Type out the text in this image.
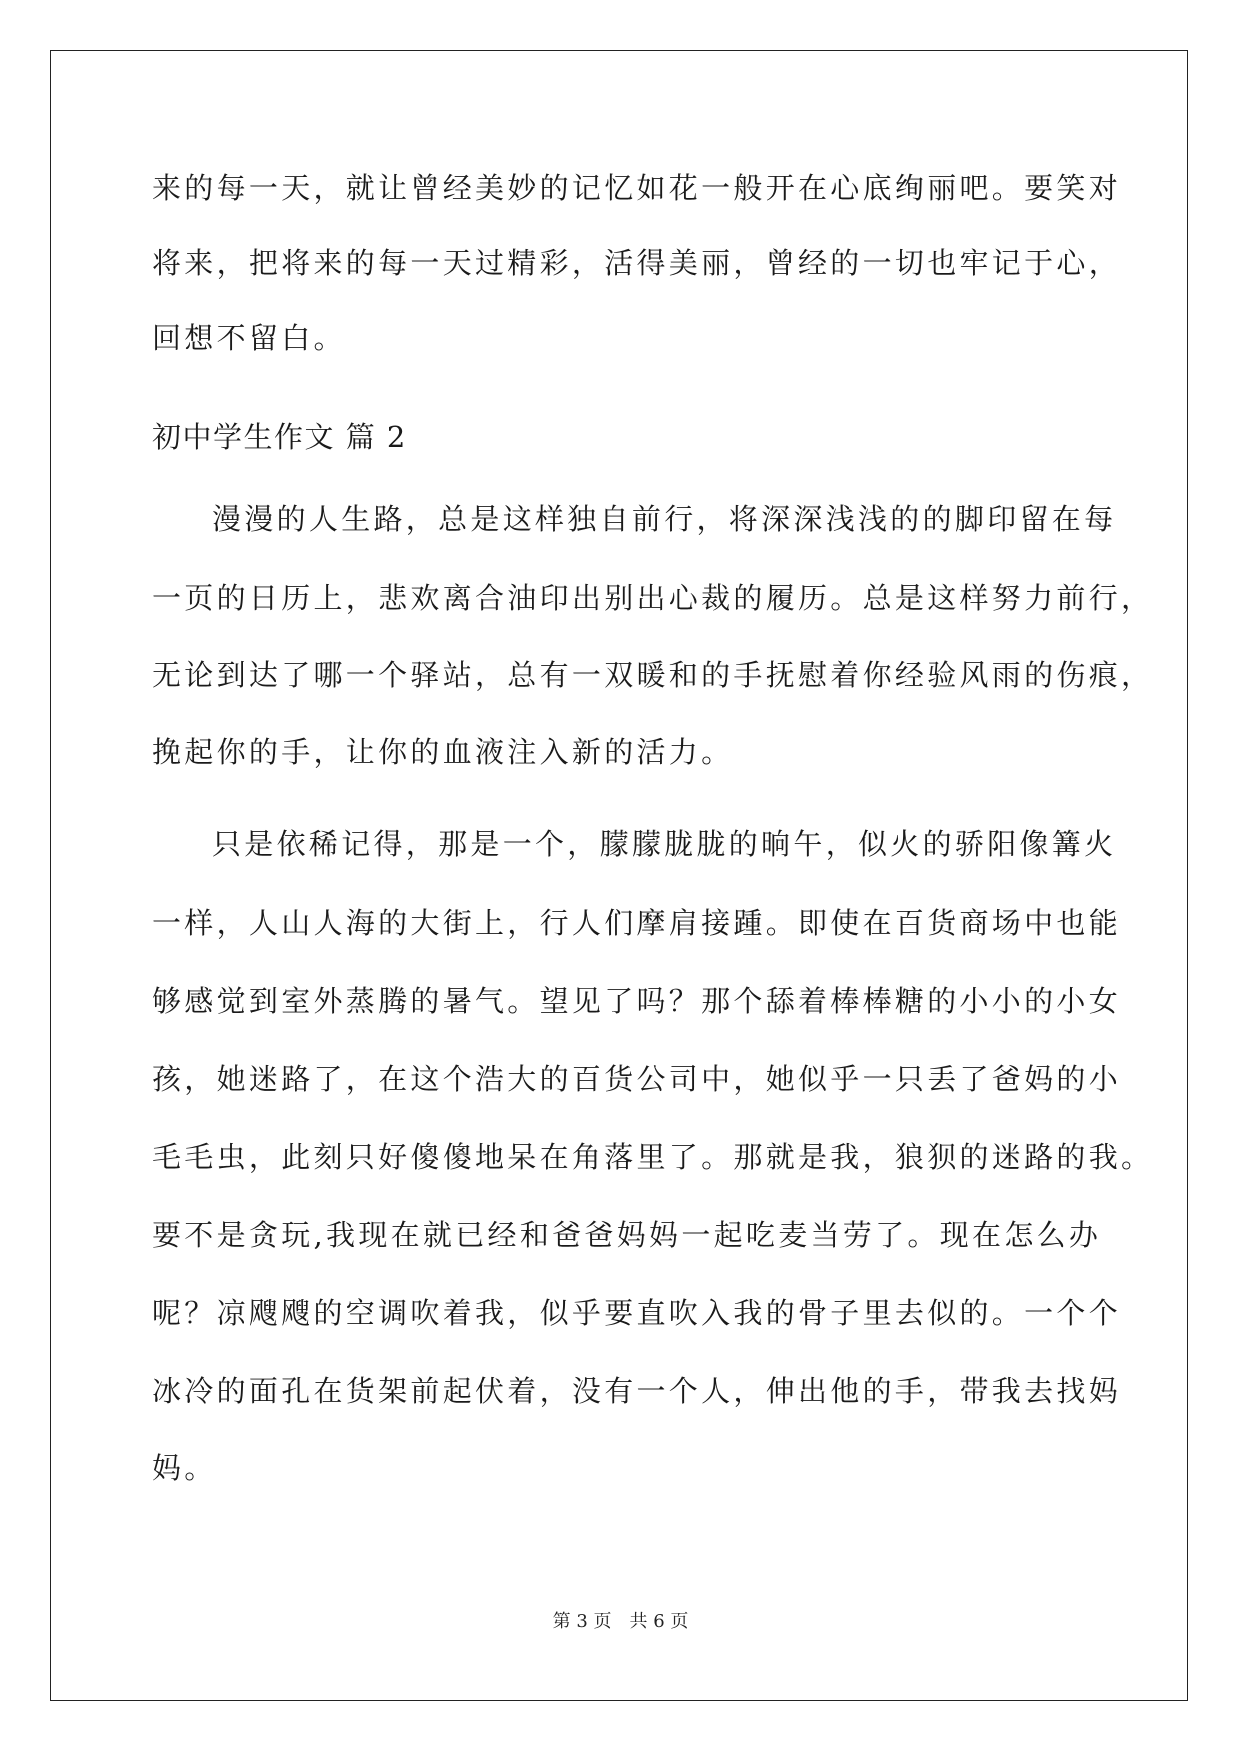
来的每一天，就让曾经美妙的记忆如花一般开在心底绚丽吧。要笑对

将来，把将来的每一天过精彩，活得美丽，曾经的一切也牢记于心，

回想不留白。

初中学生作文 篇 2

漫漫的人生路，总是这样独自前行，将深深浅浅的的脚印留在每

一页的日历上，悲欢离合油印出别出心裁的履历。总是这样努力前行，

无论到达了哪一个驿站，总有一双暖和的手抚慰着你经验风雨的伤痕，

挽起你的手，让你的血液注入新的活力。

只是依稀记得，那是一个，朦朦胧胧的晌午，似火的骄阳像篝火

一样，人山人海的大街上，行人们摩肩接踵。即使在百货商场中也能

够感觉到室外蒸腾的暑气。望见了吗？那个舔着棒棒糖的小小的小女

孩，她迷路了，在这个浩大的百货公司中，她似乎一只丢了爸妈的小

毛毛虫，此刻只好傻傻地呆在角落里了。那就是我，狼狈的迷路的我。

要不是贪玩,我现在就已经和爸爸妈妈一起吃麦当劳了。现在怎么办

呢？凉飕飕的空调吹着我，似乎要直吹入我的骨子里去似的。一个个

冰冷的面孔在货架前起伏着，没有一个人，伸出他的手，带我去找妈

妈。

第 3 页　共 6 页
